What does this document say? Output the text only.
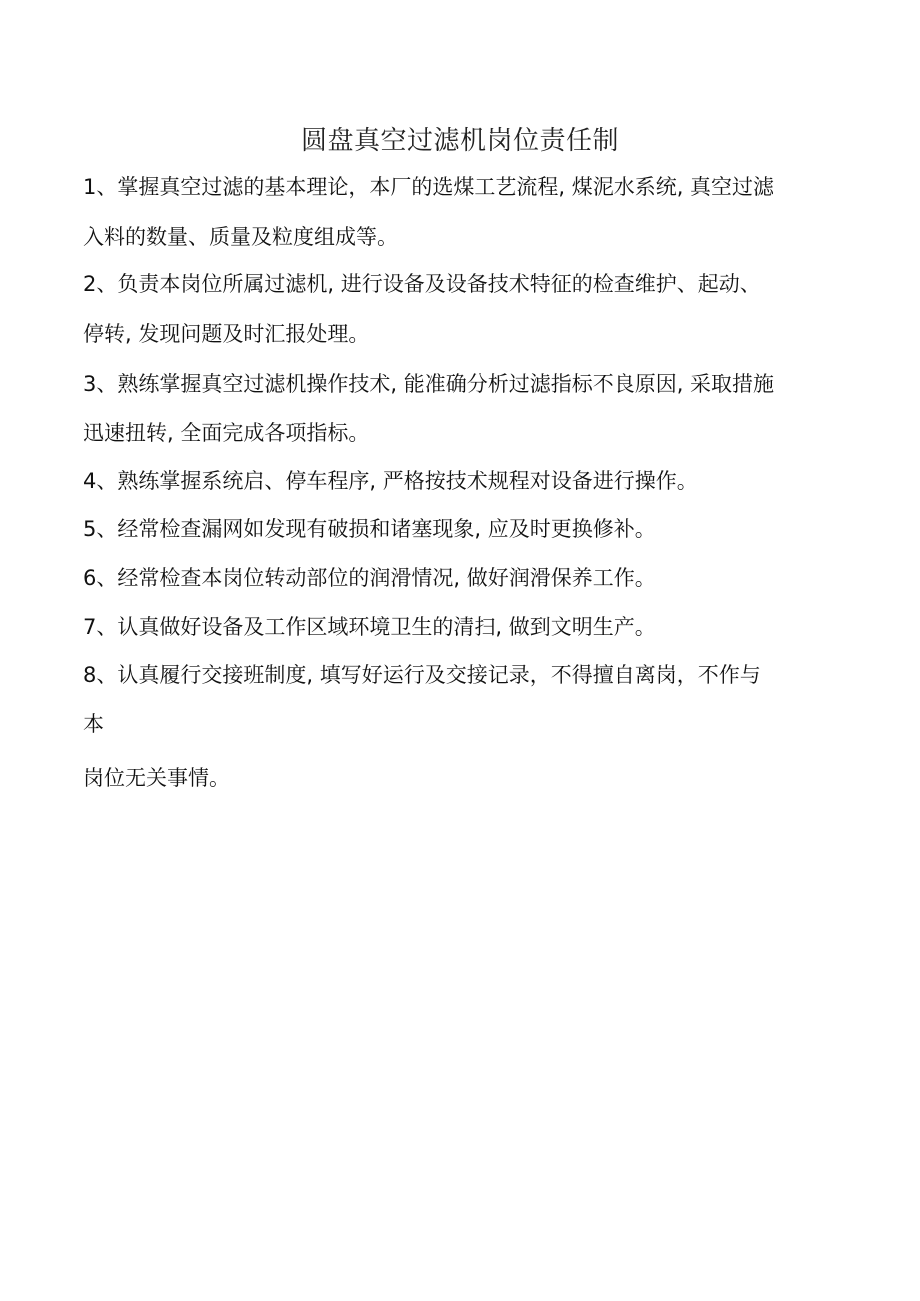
圆盘真空过滤机岗位责任制
1、掌握真空过滤的基本理论，本厂的选煤工艺流程, 煤泥水系统, 真空过滤
入料的数量、质量及粒度组成等。
2、负责本岗位所属过滤机, 进行设备及设备技术特征的检查维护、起动、
停转, 发现问题及时汇报处理。
3、熟练掌握真空过滤机操作技术, 能准确分析过滤指标不良原因, 采取措施
迅速扭转, 全面完成各项指标。
4、熟练掌握系统启、停车程序, 严格按技术规程对设备进行操作。
5、经常检查漏网如发现有破损和诸塞现象, 应及时更换修补。
6、经常检查本岗位转动部位的润滑情况, 做好润滑保养工作。
7、认真做好设备及工作区域环境卫生的清扫, 做到文明生产。
8、认真履行交接班制度, 填写好运行及交接记录，不得擅自离岗，不作与
本
岗位无关事情。
